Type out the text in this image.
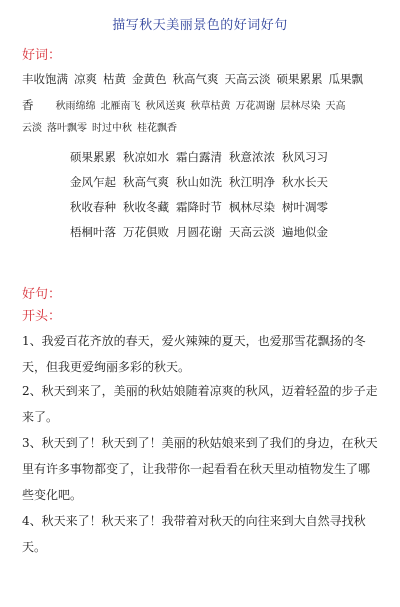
描写秋天美丽景色的好词好句
好词：
丰收饱满 凉爽 枯黄 金黄色 秋高气爽 天高云淡 硕果累累 瓜果飘
香 秋雨绵绵 北雁南飞 秋风送爽 秋草枯黄 万花凋谢 层林尽染 天高
云淡 落叶飘零 时过中秋 桂花飘香
硕果累累 秋凉如水 霜白露清 秋意浓浓 秋风习习
金风乍起 秋高气爽 秋山如洗 秋江明净 秋水长天
秋收春种 秋收冬藏 霜降时节 枫林尽染 树叶凋零
梧桐叶落 万花俱败 月圆花谢 天高云淡 遍地似金
好句：
开头：
1、我爱百花齐放的春天，爱火辣辣的夏天，也爱那雪花飘扬的冬天，但我更爱绚丽多彩的秋天。
2、秋天到来了，美丽的秋姑娘随着凉爽的秋风，迈着轻盈的步子走来了。
3、秋天到了！秋天到了！美丽的秋姑娘来到了我们的身边，在秋天里有许多事物都变了，让我带你一起看看在秋天里动植物发生了哪些变化吧。
4、秋天来了！秋天来了！我带着对秋天的向往来到大自然寻找秋天。
